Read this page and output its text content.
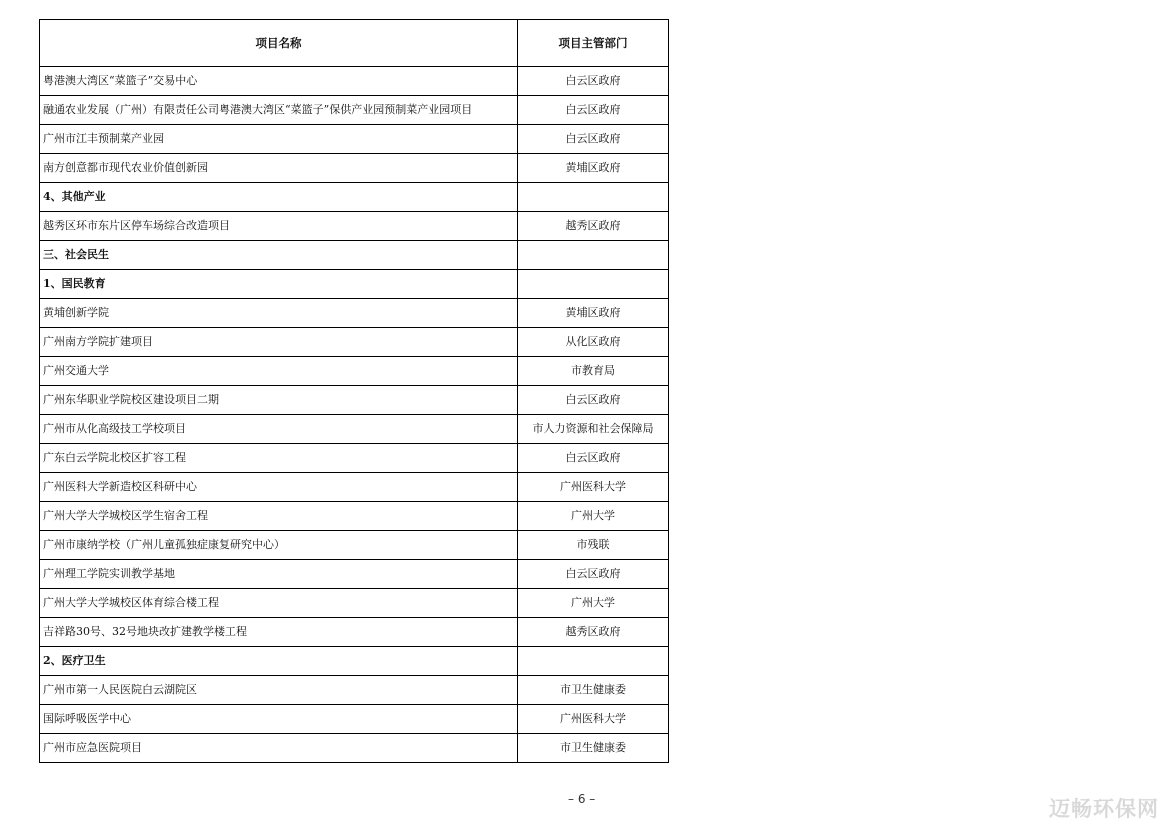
项目名称	项目主管部门
粤港澳大湾区“菜篮子”交易中心	白云区政府
融通农业发展（广州）有限责任公司粤港澳大湾区“菜篮子”保供产业园预制菜产业园项目	白云区政府
广州市江丰预制菜产业园	白云区政府
南方创意都市现代农业价值创新园	黄埔区政府
4、其他产业	
越秀区环市东片区停车场综合改造项目	越秀区政府
三、社会民生	
1、国民教育	
黄埔创新学院	黄埔区政府
广州南方学院扩建项目	从化区政府
广州交通大学	市教育局
广州东华职业学院校区建设项目二期	白云区政府
广州市从化高级技工学校项目	市人力资源和社会保障局
广东白云学院北校区扩容工程	白云区政府
广州医科大学新造校区科研中心	广州医科大学
广州大学大学城校区学生宿舍工程	广州大学
广州市康纳学校（广州儿童孤独症康复研究中心）	市残联
广州理工学院实训教学基地	白云区政府
广州大学大学城校区体育综合楼工程	广州大学
吉祥路30号、32号地块改扩建教学楼工程	越秀区政府
2、医疗卫生	
广州市第一人民医院白云湖院区	市卫生健康委
国际呼吸医学中心	广州医科大学
广州市应急医院项目	市卫生健康委
– 6 –	迈畅环保网
